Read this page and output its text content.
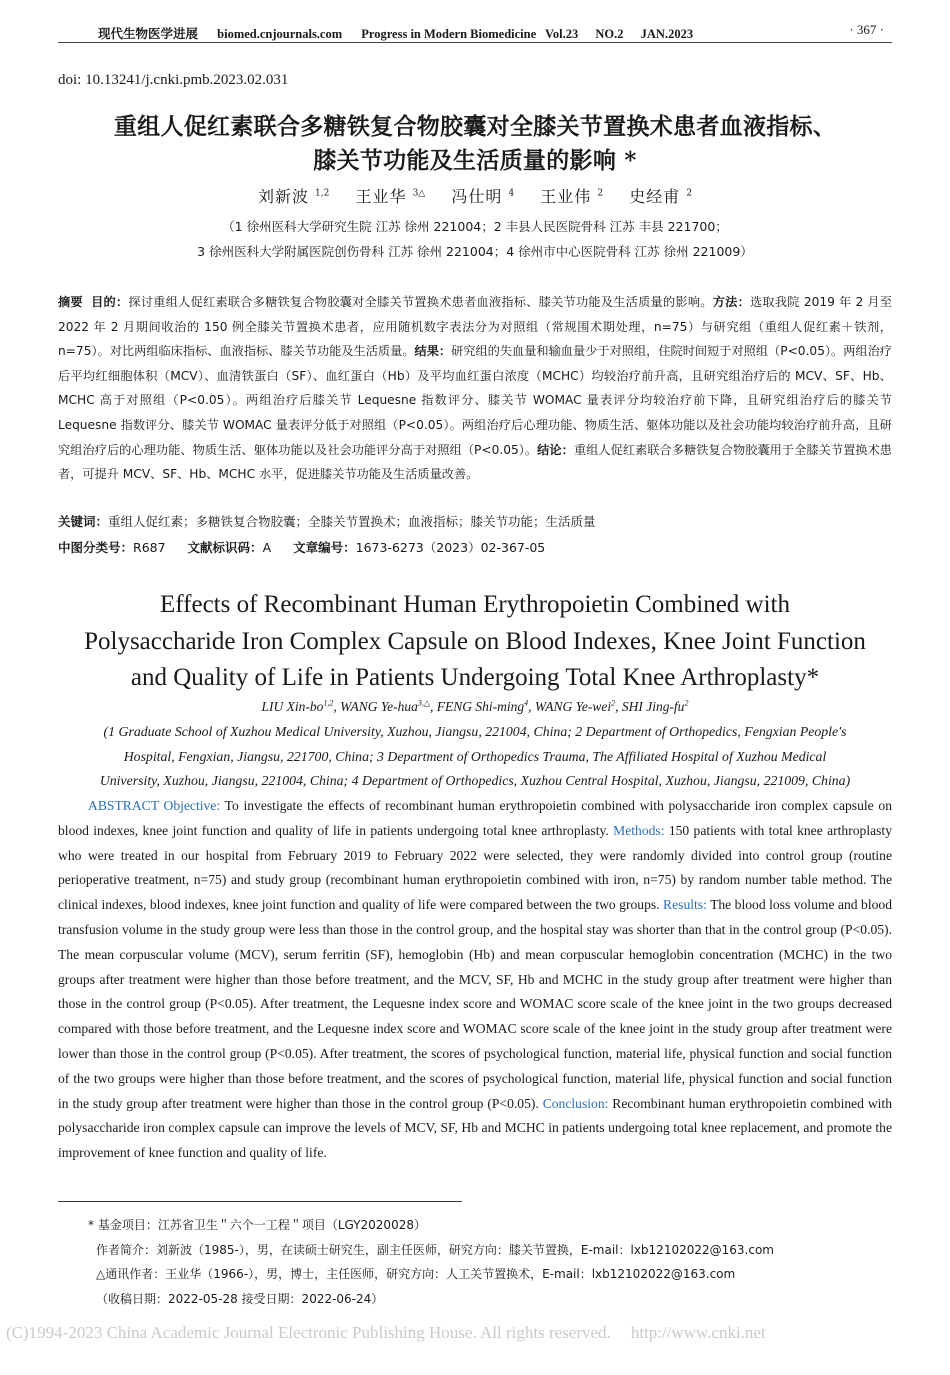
现代生物医学进展 biomed.cnjournals.com Progress in Modern Biomedicine Vol.23 NO.2 JAN.2023	· 367 ·
doi: 10.13241/j.cnki.pmb.2023.02.031
重组人促红素联合多糖铁复合物胶囊对全膝关节置换术患者血液指标、
膝关节功能及生活质量的影响 *
刘新波 $^{1,2}$ 王业华 $^{3\triangle}$ 冯仕明 $^4$ 王业伟 $^2$ 史经甫 $^2$
（1 徐州医科大学研究生院 江苏 徐州 221004；2 丰县人民医院骨科 江苏 丰县 221700；
3 徐州医科大学附属医院创伤骨科 江苏 徐州 221004；4 徐州市中心医院骨科 江苏 徐州 221009）
摘要 目的：探讨重组人促红素联合多糖铁复合物胶囊对全膝关节置换术患者血液指标、膝关节功能及生活质量的影响。方法：选取我院 2019 年 2 月至 2022 年 2 月期间收治的 150 例全膝关节置换术患者，应用随机数字表法分为对照组（常规围术期处理，n=75）与研究组（重组人促红素＋铁剂，n=75）。对比两组临床指标、血液指标、膝关节功能及生活质量。结果：研究组的失血量和输血量少于对照组，住院时间短于对照组（P<0.05）。两组治疗后平均红细胞体积（MCV）、血清铁蛋白（SF）、血红蛋白（Hb）及平均血红蛋白浓度（MCHC）均较治疗前升高，且研究组治疗后的 MCV、SF、Hb、MCHC 高于对照组（P<0.05）。两组治疗后膝关节 Lequesne 指数评分、膝关节 WOMAC 量表评分均较治疗前下降，且研究组治疗后的膝关节 Lequesne 指数评分、膝关节 WOMAC 量表评分低于对照组（P<0.05）。两组治疗后心理功能、物质生活、躯体功能以及社会功能均较治疗前升高，且研究组治疗后的心理功能、物质生活、躯体功能以及社会功能评分高于对照组（P<0.05）。结论：重组人促红素联合多糖铁复合物胶囊用于全膝关节置换术患者，可提升 MCV、SF、Hb、MCHC 水平，促进膝关节功能及生活质量改善。
关键词：重组人促红素；多糖铁复合物胶囊；全膝关节置换术；血液指标；膝关节功能；生活质量
中图分类号：R687 文献标识码：A 文章编号：1673-6273（2023）02-367-05
Effects of Recombinant Human Erythropoietin Combined with
Polysaccharide Iron Complex Capsule on Blood Indexes, Knee Joint Function
and Quality of Life in Patients Undergoing Total Knee Arthroplasty*
LIU Xin-bo$^{1,2}$, WANG Ye-hua$^{3,\triangle}$, FENG Shi-ming$^4$, WANG Ye-wei$^2$, SHI Jing-$fu^2$
(1 Graduate School of Xuzhou Medical University, Xuzhou, Jiangsu, 221004, China; 2 Department of Orthopedics, Fengxian People's
Hospital, Fengxian, Jiangsu, 221700, China; 3 Department of Orthopedics Trauma, The Affiliated Hospital of Xuzhou Medical
University, Xuzhou, Jiangsu, 221004, China; 4 Department of Orthopedics, Xuzhou Central Hospital, Xuzhou, Jiangsu, 221009, China)

ABSTRACT Objective: To investigate the effects of recombinant human erythropoietin combined with polysaccharide iron complex capsule on blood indexes, knee joint function and quality of life in patients undergoing total knee arthroplasty. Methods: 150 patients with total knee arthroplasty who were treated in our hospital from February 2019 to February 2022 were selected, they were randomly divided into control group (routine perioperative treatment, n=75) and study group (recombinant human erythropoietin combined with iron, n=75) by random number table method. The clinical indexes, blood indexes, knee joint function and quality of life were compared between the two groups. Results: The blood loss volume and blood transfusion volume in the study group were less than those in the control group, and the hospital stay was shorter than that in the control group (P<0.05). The mean corpuscular volume (MCV), serum ferritin (SF), hemoglobin (Hb) and mean corpuscular hemoglobin concentration (MCHC) in the two groups after treatment were higher than those before treatment, and the MCV, SF, Hb and MCHC in the study group after treatment were higher than those in the control group (P<0.05). After treatment, the Lequesne index score and WOMAC score scale of the knee joint in the two groups decreased compared with those before treatment, and the Lequesne index score and WOMAC score scale of the knee joint in the study group after treatment were lower than those in the control group (P<0.05). After treatment, the scores of psychological function, material life, physical function and social function of the two groups were higher than those before treatment, and the scores of psychological function, material life, physical function and social function in the study group after treatment were higher than those in the control group (P<0.05). Conclusion: Recombinant human erythropoietin combined with polysaccharide iron complex capsule can improve the levels of MCV, SF, Hb and MCHC in patients undergoing total knee replacement, and promote the improvement of knee function and quality of life.

* 基金项目：江苏省卫生＂六个一工程＂项目（LGY2020028）
作者简介：刘新波（1985-），男，在读硕士研究生，副主任医师，研究方向：膝关节置换，E-mail：lxb12102022@163.com
△通讯作者：王业华（1966-），男，博士，主任医师，研究方向：人工关节置换术，E-mail：lxb12102022@163.com
（收稿日期：2022-05-28 接受日期：2022-06-24）
(C)1994-2023 China Academic Journal Electronic Publishing House. All rights reserved. http://www.cnki.net
